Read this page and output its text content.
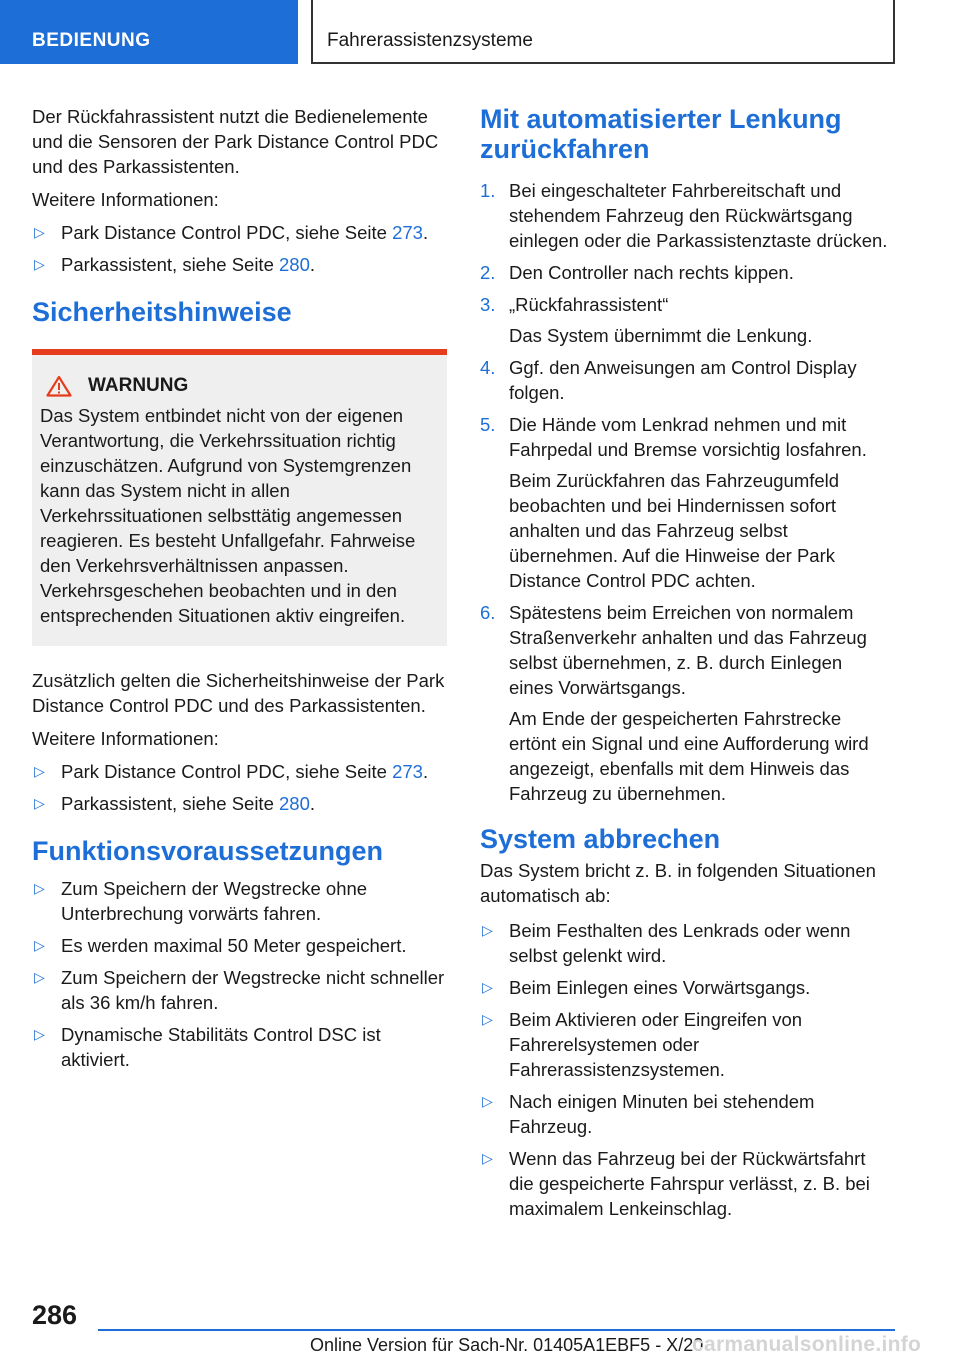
BEDIENUNG	Fahrerassistenzsysteme

Der Rückfahrassistent nutzt die Bedienelemente und die Sensoren der Park Distance Control PDC und des Parkassistenten.

Weitere Informationen:

▷ Park Distance Control PDC, siehe Seite 273.
▷ Parkassistent, siehe Seite 280.
Sicherheitshinweise
WARNUNG

Das System entbindet nicht von der eigenen Verantwortung, die Verkehrssituation richtig einzuschätzen. Aufgrund von Systemgrenzen kann das System nicht in allen Verkehrssituationen selbsttätig angemessen reagieren. Es besteht Unfallgefahr. Fahrweise den Verkehrsverhältnissen anpassen. Verkehrsgeschehen beobachten und in den entsprechenden Situationen aktiv eingreifen.

Zusätzlich gelten die Sicherheitshinweise der Park Distance Control PDC und des Parkassistenten.

Weitere Informationen:

▷ Park Distance Control PDC, siehe Seite 273.
▷ Parkassistent, siehe Seite 280.
Funktionsvoraussetzungen
▷ Zum Speichern der Wegstrecke ohne Unterbrechung vorwärts fahren.
▷ Es werden maximal 50 Meter gespeichert.
▷ Zum Speichern der Wegstrecke nicht schneller als 36 km/h fahren.
▷ Dynamische Stabilitäts Control DSC ist aktiviert.
Mit automatisierter Lenkung zurückfahren
1. Bei eingeschalteter Fahrbereitschaft und stehendem Fahrzeug den Rückwärtsgang einlegen oder die Parkassistenztaste drücken.
2. Den Controller nach rechts kippen.
3. „Rückfahrassistent“
Das System übernimmt die Lenkung.
4. Ggf. den Anweisungen am Control Display folgen.
5. Die Hände vom Lenkrad nehmen und mit Fahrpedal und Bremse vorsichtig losfahren.
Beim Zurückfahren das Fahrzeugumfeld beobachten und bei Hindernissen sofort anhalten und das Fahrzeug selbst übernehmen. Auf die Hinweise der Park Distance Control PDC achten.
6. Spätestens beim Erreichen von normalem Straßenverkehr anhalten und das Fahrzeug selbst übernehmen, z. B. durch Einlegen eines Vorwärtsgangs.
Am Ende der gespeicherten Fahrstrecke ertönt ein Signal und eine Aufforderung wird angezeigt, ebenfalls mit dem Hinweis das Fahrzeug zu übernehmen.
System abbrechen

Das System bricht z. B. in folgenden Situationen automatisch ab:

▷ Beim Festhalten des Lenkrads oder wenn selbst gelenkt wird.
▷ Beim Einlegen eines Vorwärtsgangs.
▷ Beim Aktivieren oder Eingreifen von Fahrerelsystemen oder Fahrerassistenzsystemen.
▷ Nach einigen Minuten bei stehendem Fahrzeug.
▷ Wenn das Fahrzeug bei der Rückwärtsfahrt die gespeicherte Fahrspur verlässt, z. B. bei maximalem Lenkeinschlag.
286
Online Version für Sach-Nr. 01405A1EBF5 - X/20
carmanualsonline.info
